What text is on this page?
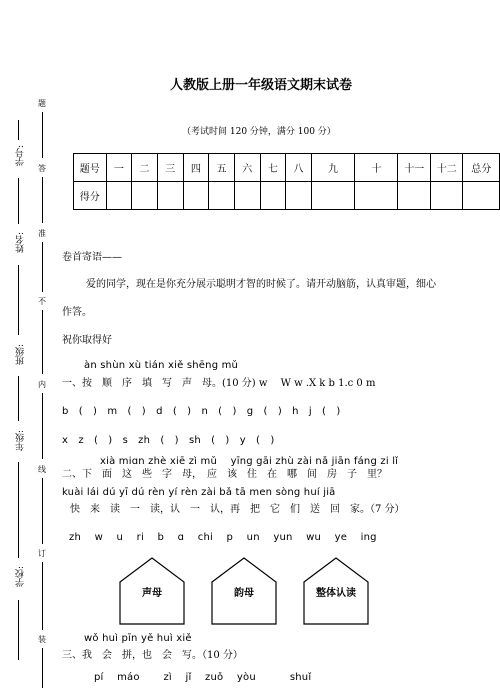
学号:
姓名:
班级:
年级:
学校:
题
答
准
不
内
线
订
装
人教版上册一年级语文期末试卷
（考试时间 120 分钟，满分 100 分）
题号	一	二	三	四	五	六	七	八	九	十	十一	十二	总分
得分													
卷首寄语——
爱的同学，现在是你充分展示聪明才智的时候了。请开动脑筋，认真审题，细心
作答。
祝你取得好
àn shùn xù tián xiě shēng mǔ
一、按　顺　序　填　写　声　母。(10 分) w　 W w .X k b 1.c 0 m
b　(　)　m　(　)　d　(　)　n　(　)　g　(　)　h　j　(　)
x　z　(　)　s　zh　(　)　sh　(　)　y　(　)
xià miɑn zhè xiē zì mǔ　 yīng gāi zhù zài nǎ jiān fáng zi lǐ
二、下　面　这　些　字　母，　应　该　住　在　哪　间　房　子　里？
kuài lái dú yī dú rèn yí rèn zài bǎ tā men sòng huí jiā
快　来　读　一　读，认　一　认，再　把　它　们　送　回　家。（7 分）
zh　 w　 u　 ri　 b　 ɑ　 chi　 p　 un　 yun　 wu　 ye　 ing
声母	韵母	整体认读
wǒ huì pīn yě huì xiě
三、我　会　拼，也　会　写。（10 分）
pí　 máo　　 zì　 jǐ　 zuǒ　 yòu　　　 shuǐ
